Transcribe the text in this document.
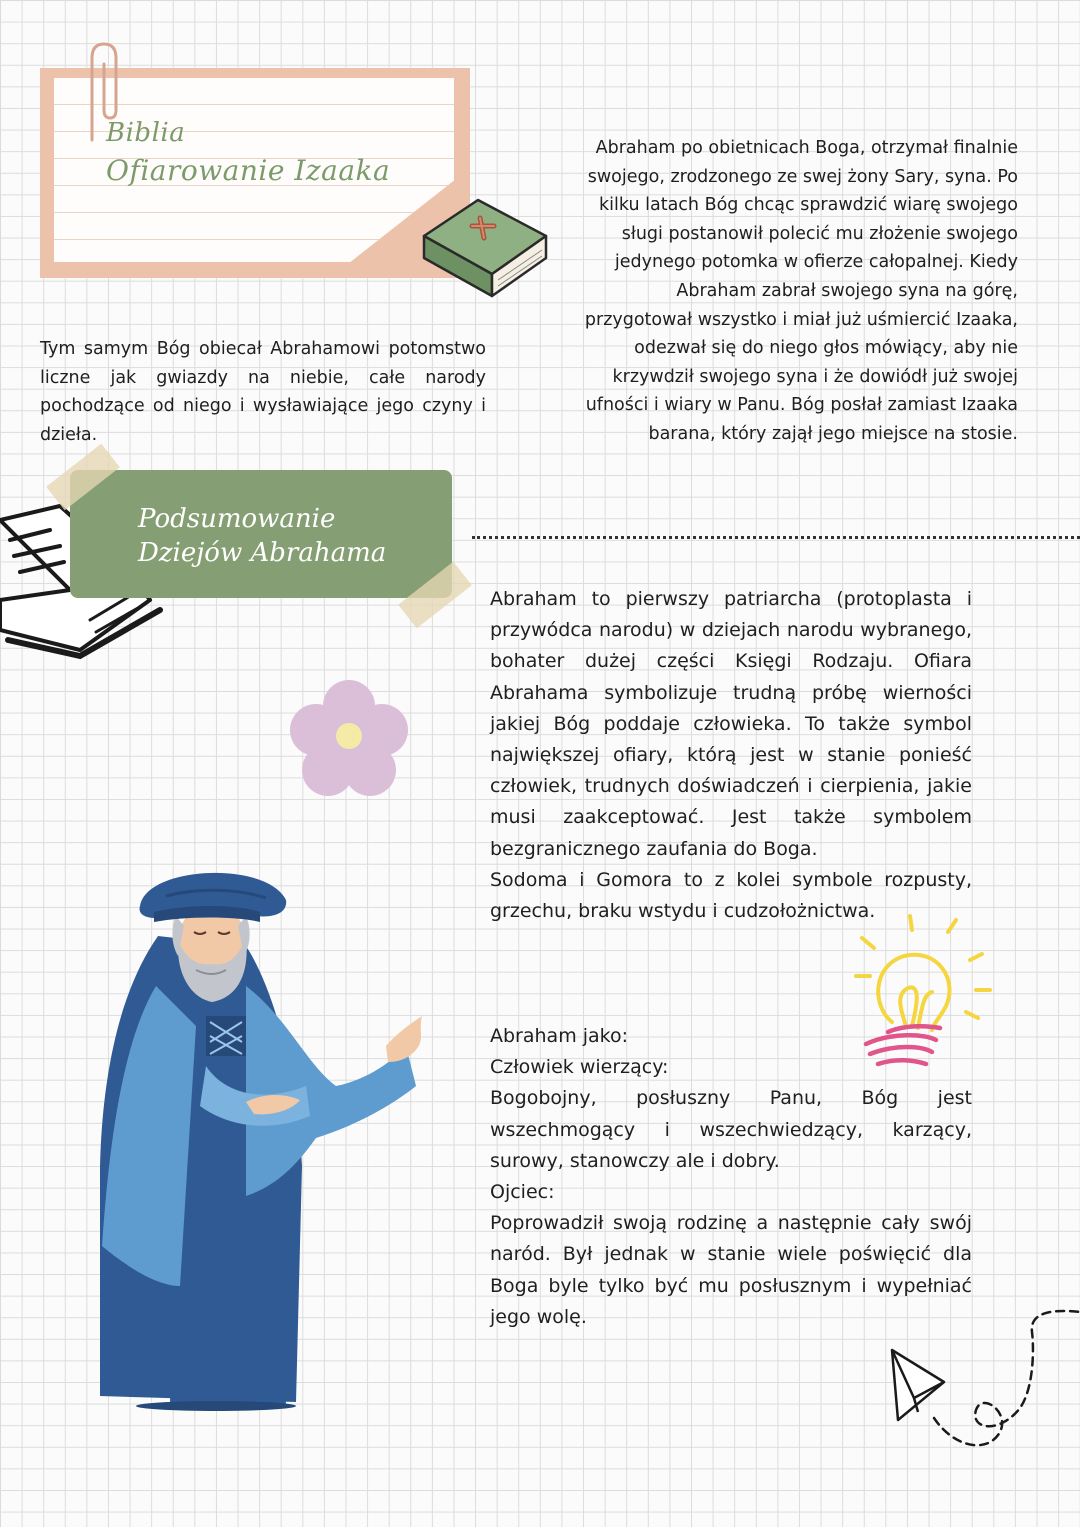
Biblia
Ofiarowanie Izaaka
Abraham po obietnicach Boga, otrzymał finalnie swojego, zrodzonego ze swej żony Sary, syna. Po kilku latach Bóg chcąc sprawdzić wiarę swojego sługi postanowił polecić mu złożenie swojego jedynego potomka w ofierze całopalnej. Kiedy Abraham zabrał swojego syna na górę, przygotował wszystko i miał już uśmiercić Izaaka, odezwał się do niego głos mówiący, aby nie krzywdził swojego syna i że dowiódł już swojej ufności i wiary w Panu. Bóg posłał zamiast Izaaka barana, który zajął jego miejsce na stosie.
Tym samym Bóg obiecał Abrahamowi potomstwo liczne jak gwiazdy na niebie, całe narody pochodzące od niego i wysławiające jego czyny i dzieła.
Podsumowanie
Dziejów Abrahama

Abraham to pierwszy patriarcha (protoplasta i przywódca narodu) w dziejach narodu wybranego, bohater dużej części Księgi Rodzaju. Ofiara Abrahama symbolizuje trudną próbę wierności jakiej Bóg poddaje człowieka. To także symbol największej ofiary, którą jest w stanie ponieść człowiek, trudnych doświadczeń i cierpienia, jakie musi zaakceptować. Jest także symbolem bezgranicznego zaufania do Boga.

Sodoma i Gomora to z kolei symbole rozpusty, grzechu, braku wstydu i cudzołożnictwa.

Abraham jako:

Człowiek wierzący:

Bogobojny, posłuszny Panu, Bóg jest wszechmogący i wszechwiedzący, karzący, surowy, stanowczy ale i dobry.

Ojciec:

Poprowadził swoją rodzinę a następnie cały swój naród. Był jednak w stanie wiele poświęcić dla Boga byle tylko być mu posłusznym i wypełniać jego wolę.
